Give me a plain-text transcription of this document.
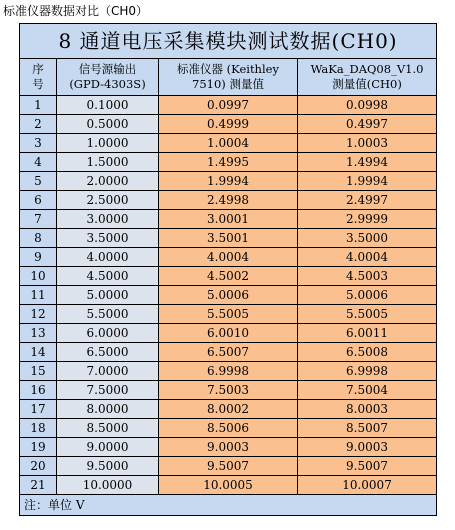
标准仪器数据对比（CH0）
8 通道电压采集模块测试数据(CH0)			
序
号	信号源输出
(GPD-4303S)	标准仪器 (Keithley
7510) 测量值	WaKa_DAQ08_V1.0
测量值(CH0)
1	0.1000	0.0997	0.0998
2	0.5000	0.4999	0.4997
3	1.0000	1.0004	1.0003
4	1.5000	1.4995	1.4994
5	2.0000	1.9994	1.9994
6	2.5000	2.4998	2.4997
7	3.0000	3.0001	2.9999
8	3.5000	3.5001	3.5000
9	4.0000	4.0004	4.0004
10	4.5000	4.5002	4.5003
11	5.0000	5.0006	5.0006
12	5.5000	5.5005	5.5005
13	6.0000	6.0010	6.0011
14	6.5000	6.5007	6.5008
15	7.0000	6.9998	6.9998
16	7.5000	7.5003	7.5004
17	8.0000	8.0002	8.0003
18	8.5000	8.5006	8.5007
19	9.0000	9.0003	9.0003
20	9.5000	9.5007	9.5007
21	10.0000	10.0005	10.0007
注：单位 V			
